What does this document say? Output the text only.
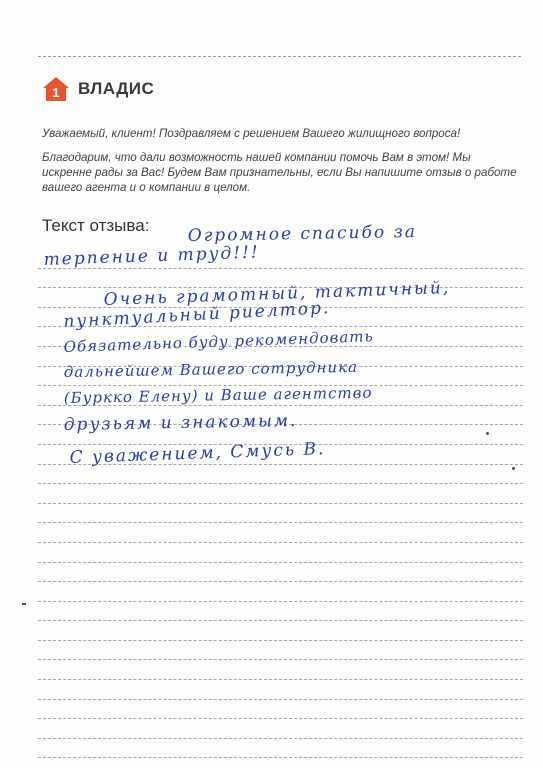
1 ВЛАДИС

Уважаемый, клиент! Поздравляем с решением Вашего жилищного вопроса!

Благодарим, что дали возможность нашей компании помочь Вам в этом! Мы искренне рады за Вас! Будем Вам признательны, если Вы напишите отзыв о работе вашего агента и о компании в целом.

Текст отзыва: Огромное спасибо за
терпение и труд!!!
Очень грамотный, тактичный,
пунктуальный риелтор.
Обязательно буду рекомендовать
дальнейшем Вашего сотрудника
(Буркко Елену) и Ваше агентство
друзьям и знакомым.
С уважением, Смусь В.
